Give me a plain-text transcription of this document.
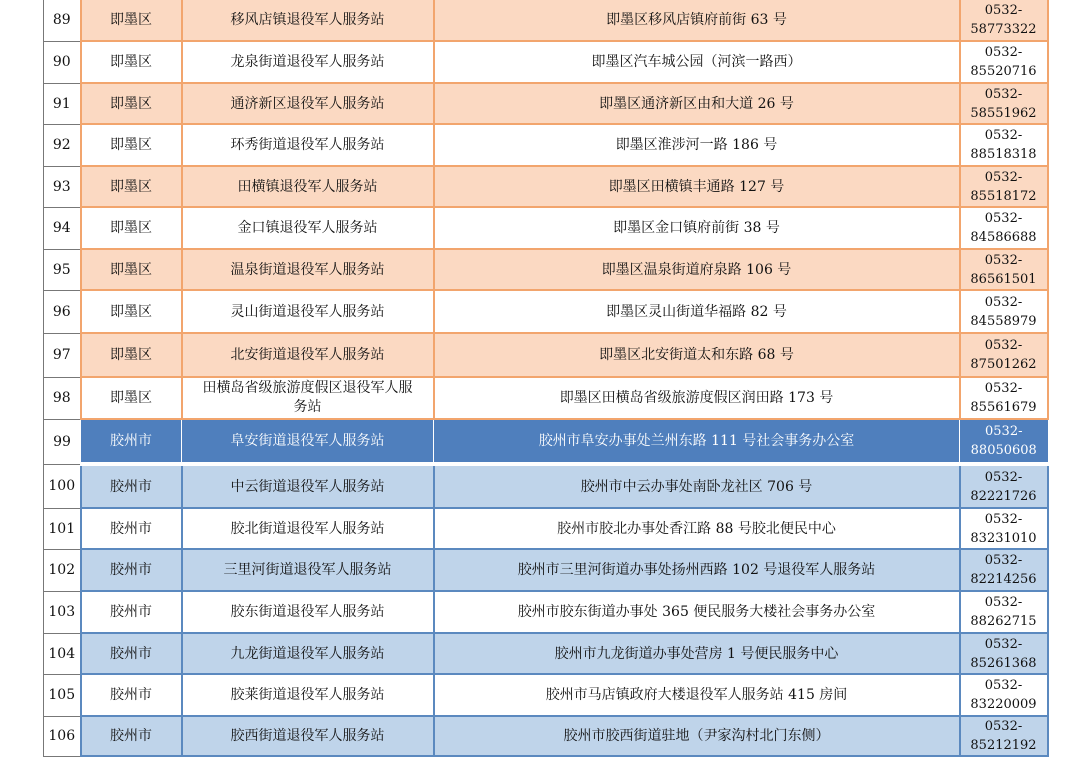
89	即墨区	移风店镇退役军人服务站	即墨区移风店镇府前街 63 号	0532-
58773322

90	即墨区	龙泉街道退役军人服务站	即墨区汽车城公园（河滨一路西）	0532-
85520716

91	即墨区	通济新区退役军人服务站	即墨区通济新区由和大道 26 号	0532-
58551962

92	即墨区	环秀街道退役军人服务站	即墨区淮涉河一路 186 号	0532-
88518318

93	即墨区	田横镇退役军人服务站	即墨区田横镇丰通路 127 号	0532-
85518172

94	即墨区	金口镇退役军人服务站	即墨区金口镇府前街 38 号	0532-
84586688

95	即墨区	温泉街道退役军人服务站	即墨区温泉街道府泉路 106 号	0532-
86561501

96	即墨区	灵山街道退役军人服务站	即墨区灵山街道华福路 82 号	0532-
84558979

97	即墨区	北安街道退役军人服务站	即墨区北安街道太和东路 68 号	0532-
87501262

98	即墨区	田横岛省级旅游度假区退役军人服
务站	即墨区田横岛省级旅游度假区润田路 173 号	0532-
85561679

99	胶州市	阜安街道退役军人服务站	胶州市阜安办事处兰州东路 111 号社会事务办公室	0532-
88050608

100	胶州市	中云街道退役军人服务站	胶州市中云办事处南卧龙社区 706 号	0532-
82221726

101	胶州市	胶北街道退役军人服务站	胶州市胶北办事处香江路 88 号胶北便民中心	0532-
83231010

102	胶州市	三里河街道退役军人服务站	胶州市三里河街道办事处扬州西路 102 号退役军人服务站	0532-
82214256

103	胶州市	胶东街道退役军人服务站	胶州市胶东街道办事处 365 便民服务大楼社会事务办公室	0532-
88262715

104	胶州市	九龙街道退役军人服务站	胶州市九龙街道办事处营房 1 号便民服务中心	0532-
85261368

105	胶州市	胶莱街道退役军人服务站	胶州市马店镇政府大楼退役军人服务站 415 房间	0532-
83220009

106	胶州市	胶西街道退役军人服务站	胶州市胶西街道驻地（尹家沟村北门东侧）	0532-
85212192
